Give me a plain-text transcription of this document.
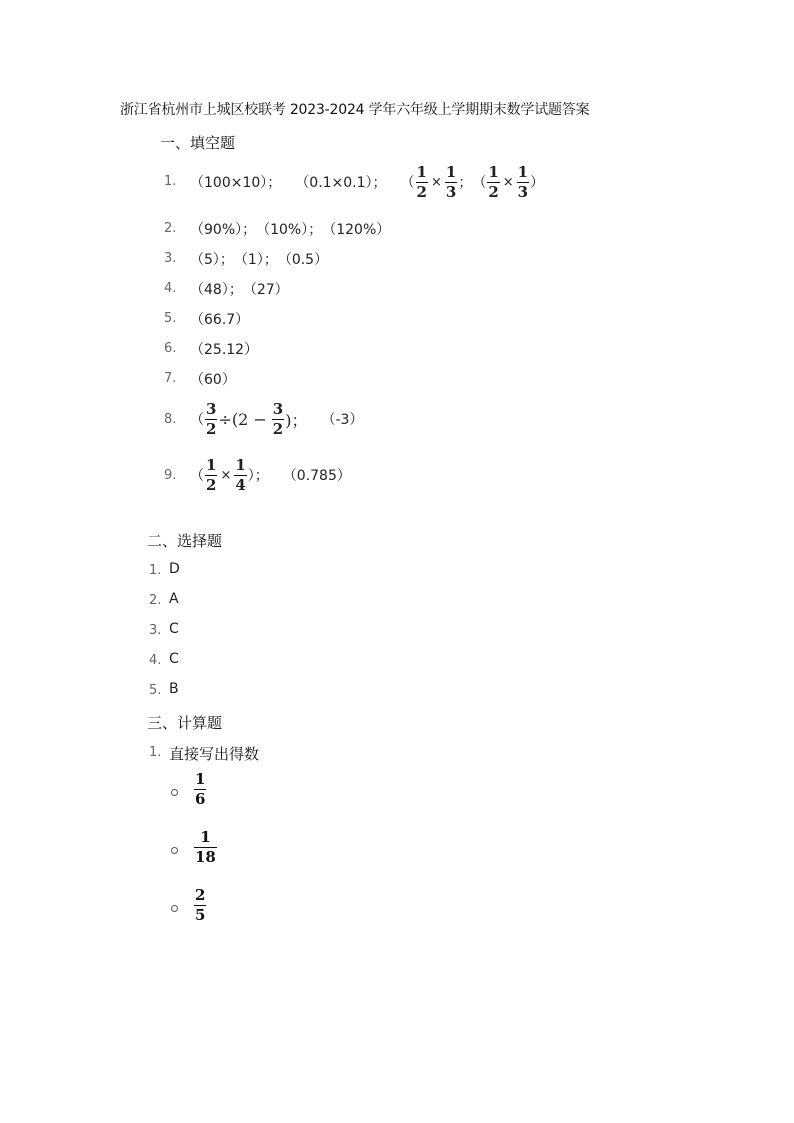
浙江省杭州市上城区校联考 2023-2024 学年六年级上学期期末数学试题答案
一、填空题
1. （100×10）； （0.1×0.1）； （ $\frac{1}{2} \times \frac{1}{3}$ ； （ $\frac{1}{2} \times \frac{1}{3}$ ）
2. （90%）；　（10%）；　（120%）
3. （5）；　（1）；　（0.5）
4. （48）；　（27）
5. （66.7）
6. （25.12）
7. （60）
8. （ $\frac{3}{2} \div(2 - \frac{3}{2}$ )； （-3）
9. （ $\frac{1}{2} \times \frac{1}{4}$ ）； （0.785）
二、选择题
1. D
2. A
3. C
4. C
5. B
三、计算题
1. 直接写出得数
$\frac{1}{6}$
$\frac{1}{18}$
$\frac{2}{5}$
